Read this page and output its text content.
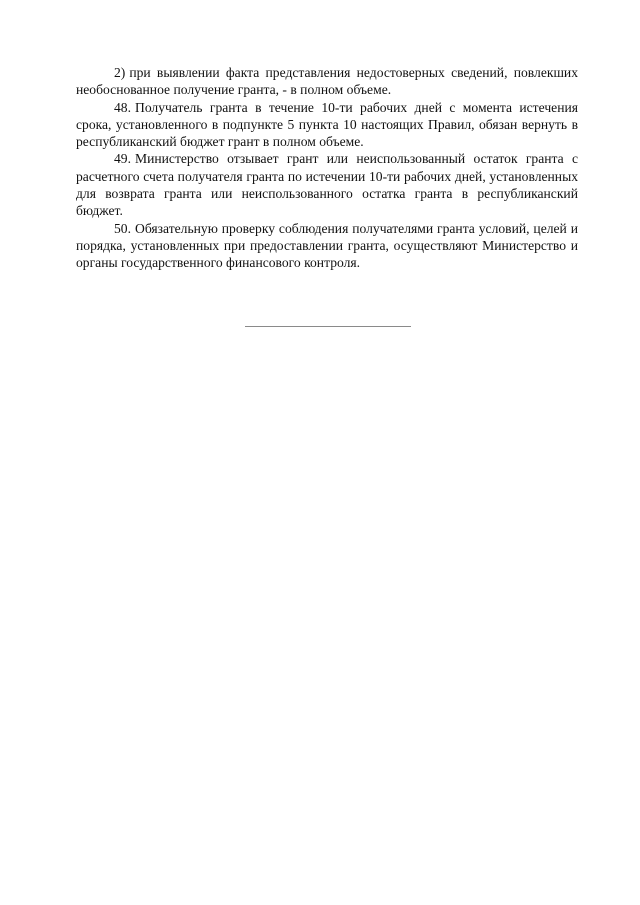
2) при выявлении факта представления недостоверных сведений, повлекших необоснованное получение гранта, - в полном объеме.

48. Получатель гранта в течение 10-ти рабочих дней с момента истечения срока, установленного в подпункте 5 пункта 10 настоящих Правил, обязан вернуть в республиканский бюджет грант в полном объеме.

49. Министерство отзывает грант или неиспользованный остаток гранта с расчетного счета получателя гранта по истечении 10-ти рабочих дней, установленных для возврата гранта или неиспользованного остатка гранта в республиканский бюджет.

50. Обязательную проверку соблюдения получателями гранта условий, целей и порядка, установленных при предоставлении гранта, осуществляют Министерство и органы государственного финансового контроля.
